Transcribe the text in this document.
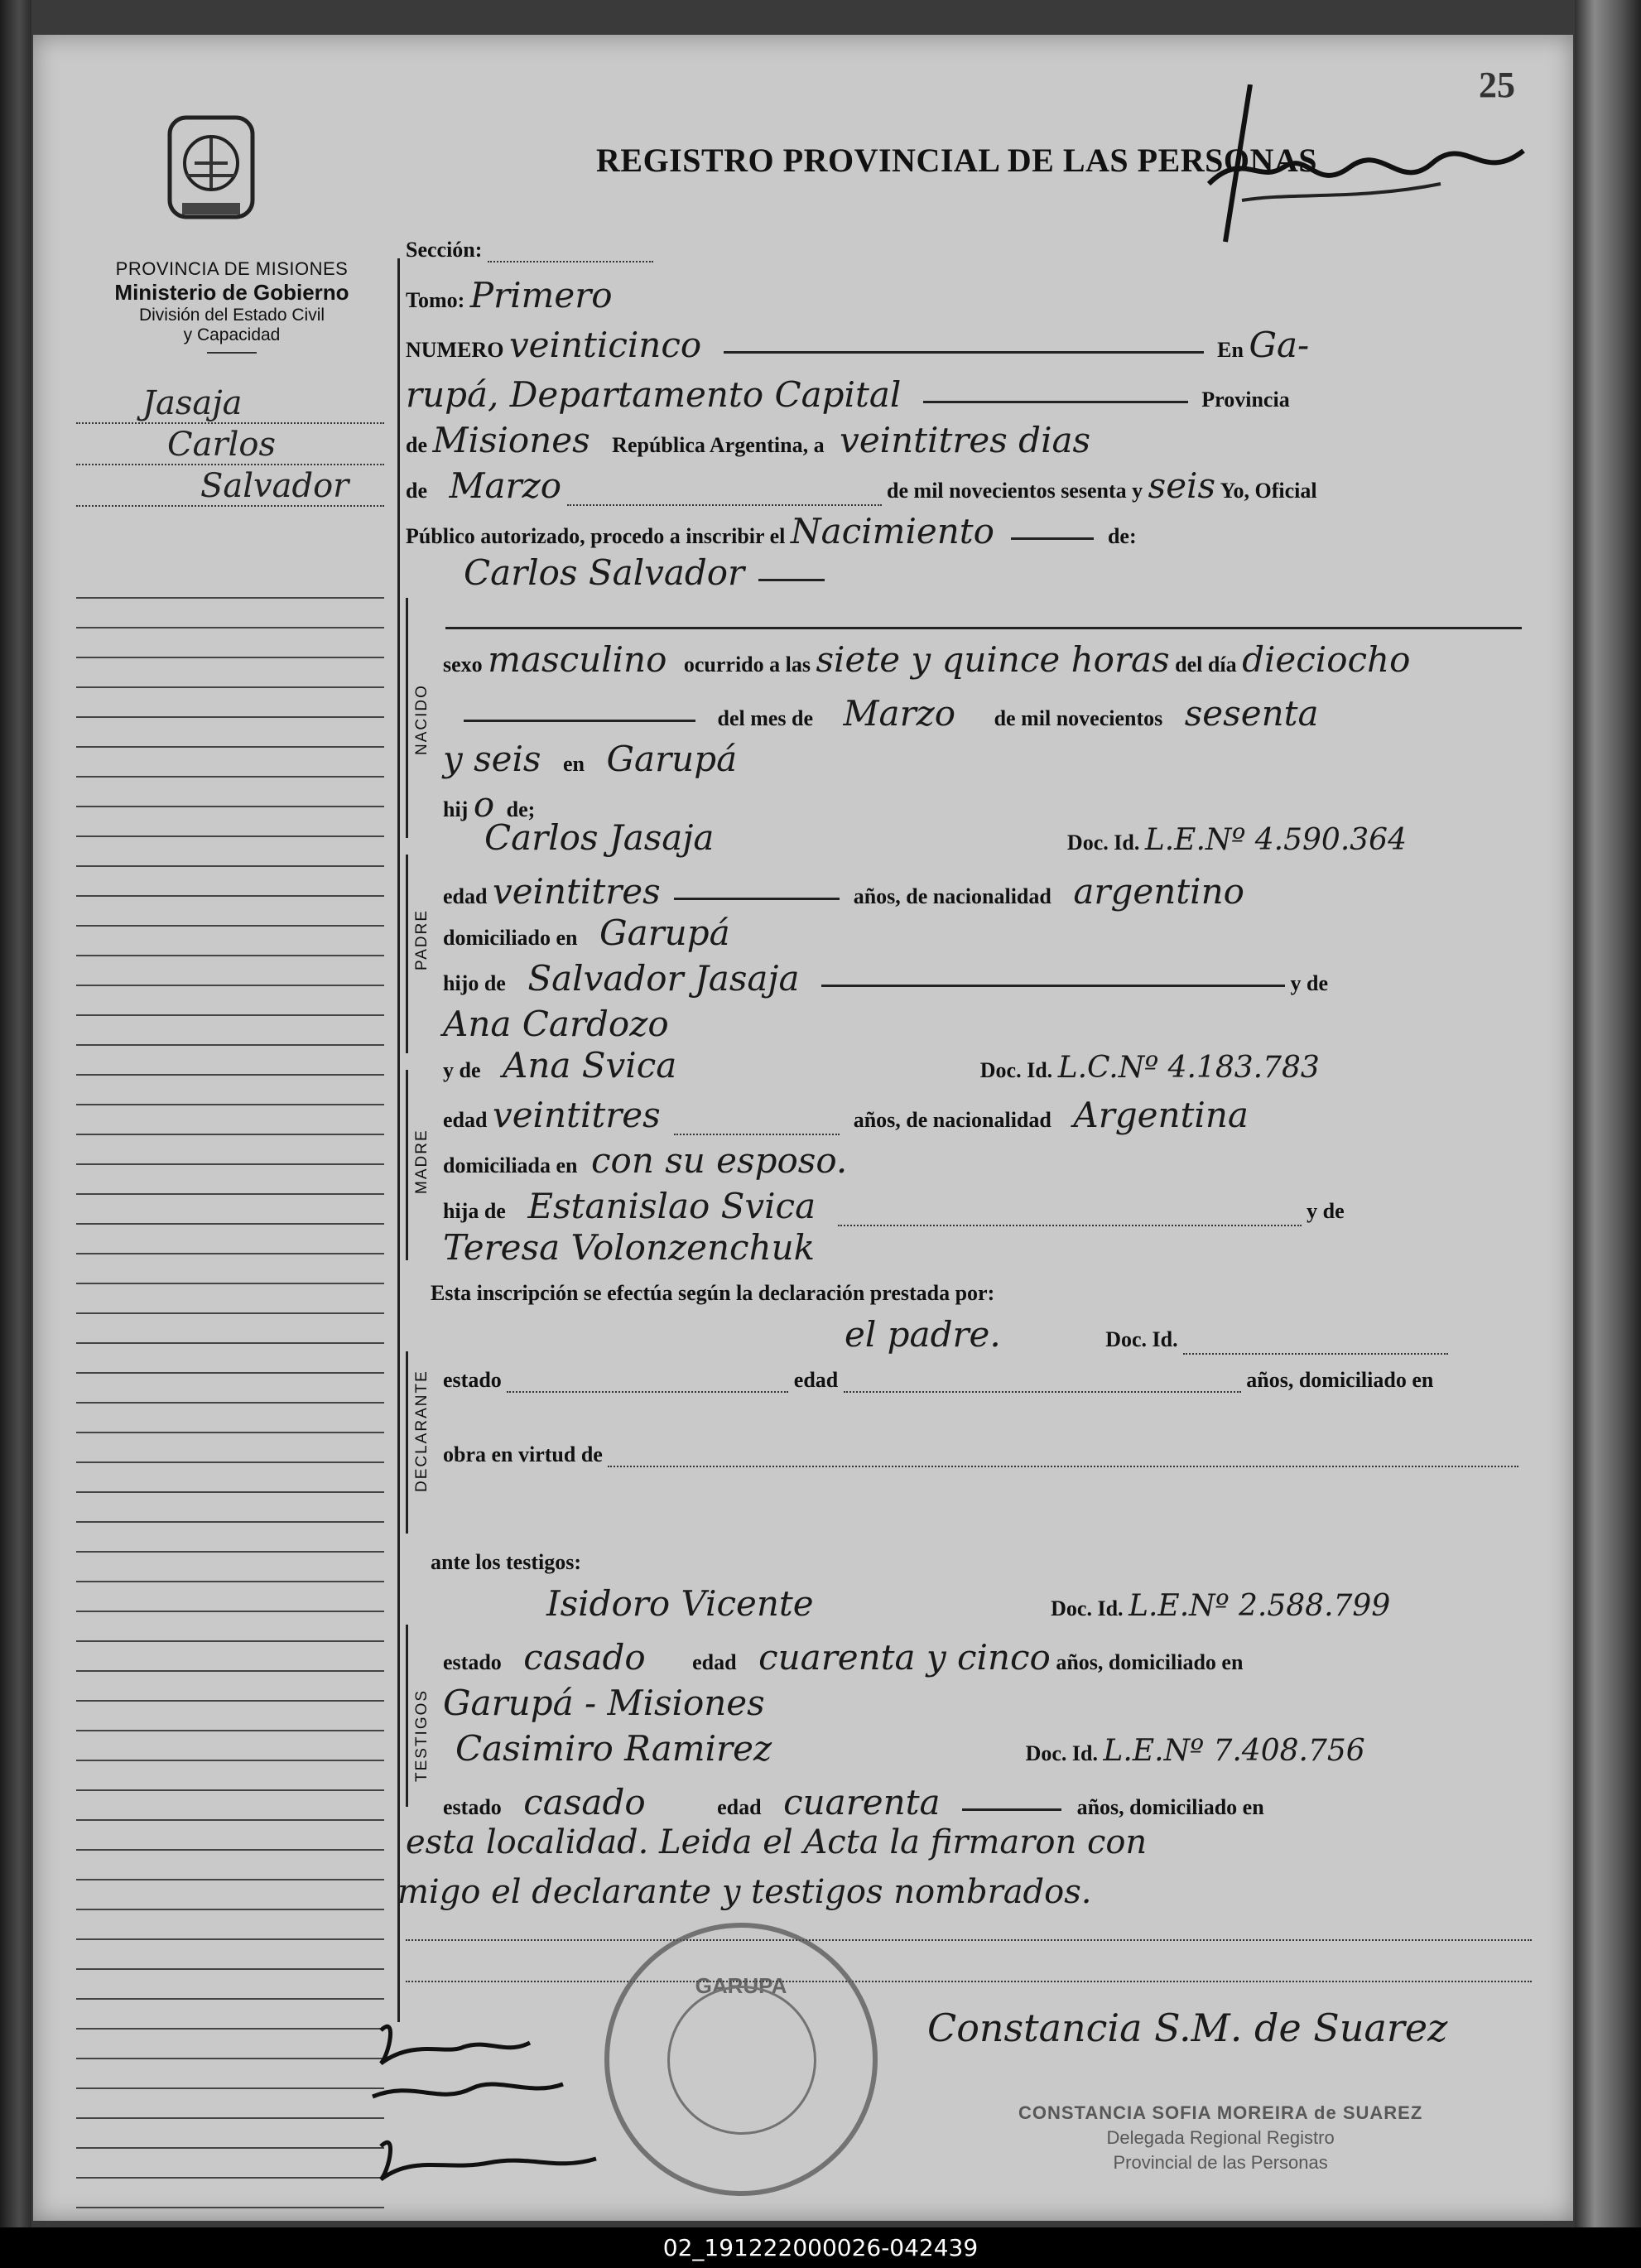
25
PROVINCIA DE MISIONES
Ministerio de Gobierno
División del Estado Civil
y Capacidad
REGISTRO PROVINCIAL DE LAS PERSONAS
Jasaja
Carlos
Salvador
Sección:
Tomo: Primero
NUMERO veinticinco	En Ga-
rupá, Departamento Capital	Provincia
de Misiones República Argentina, a veintitres dias
de Marzo	de mil novecientos sesenta y seis Yo, Oficial
Público autorizado, procedo a inscribir el Nacimiento	de:
NACIDO
Carlos Salvador
sexo masculino ocurrido a las siete y quince horas del día dieciocho
del mes de Marzo de mil novecientos sesenta
y seis en Garupá
hij o de;
PADRE
Carlos Jasaja	Doc. Id. L.E.Nº 4.590.364
edad veintitres	años, de nacionalidad argentino
domiciliado en Garupá
hijo de Salvador Jasaja	y de
Ana Cardozo
MADRE
y de Ana Svica	Doc. Id. L.C.Nº 4.183.783
edad veintitres	años, de nacionalidad Argentina
domiciliada en con su esposo.
hija de Estanislao Svica	y de
Teresa Volonzenchuk
Esta inscripción se efectúa según la declaración prestada por:
DECLARANTE
el padre.	Doc. Id.
estado	edad	años, domiciliado en
obra en virtud de
ante los testigos:
TESTIGOS
Isidoro Vicente	Doc. Id. L.E.Nº 2.588.799
estado casado edad cuarenta y cinco años, domiciliado en
Garupá - Misiones
Casimiro Ramirez	Doc. Id. L.E.Nº 7.408.756
estado casado	edad cuarenta	años, domiciliado en
esta localidad. Leida el Acta la firmaron con
migo el declarante y testigos nombrados.
GARUPA
Constancia S.M. de Suarez
CONSTANCIA SOFIA MOREIRA de SUAREZ
Delegada Regional Registro
Provincial de las Personas
02_191222000026-042439
